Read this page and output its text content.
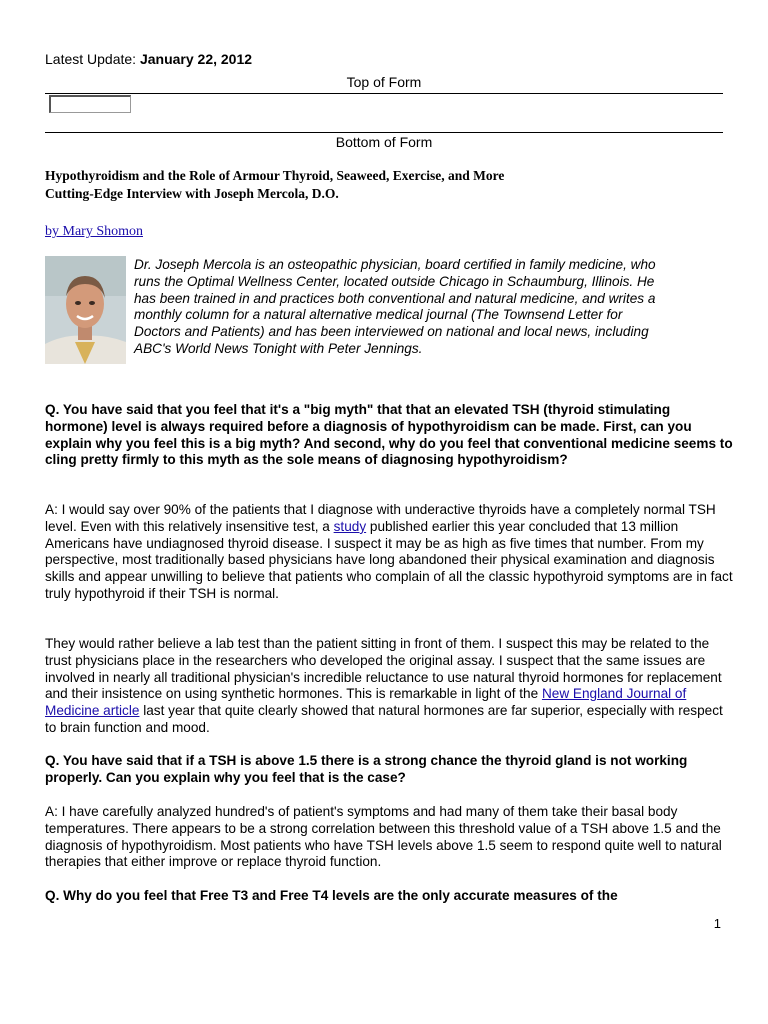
Latest Update: January 22, 2012
Top of Form
Bottom of Form
Hypothyroidism and the Role of Armour Thyroid, Seaweed, Exercise, and More
Cutting-Edge Interview with Joseph Mercola, D.O.
by Mary Shomon
Dr. Joseph Mercola is an osteopathic physician, board certified in family medicine, who runs the Optimal Wellness Center, located outside Chicago in Schaumburg, Illinois. He has been trained in and practices both conventional and natural medicine, and writes a monthly column for a natural alternative medical journal (The Townsend Letter for Doctors and Patients) and has been interviewed on national and local news, including ABC's World News Tonight with Peter Jennings.
Q. You have said that you feel that it's a "big myth" that that an elevated TSH (thyroid stimulating hormone) level is always required before a diagnosis of hypothyroidism can be made. First, can you explain why you feel this is a big myth? And second, why do you feel that conventional medicine seems to cling pretty firmly to this myth as the sole means of diagnosing hypothyroidism?
A: I would say over 90% of the patients that I diagnose with underactive thyroids have a completely normal TSH level. Even with this relatively insensitive test, a study published earlier this year concluded that 13 million Americans have undiagnosed thyroid disease. I suspect it may be as high as five times that number. From my perspective, most traditionally based physicians have long abandoned their physical examination and diagnosis skills and appear unwilling to believe that patients who complain of all the classic hypothyroid symptoms are in fact truly hypothyroid if their TSH is normal.
They would rather believe a lab test than the patient sitting in front of them. I suspect this may be related to the trust physicians place in the researchers who developed the original assay. I suspect that the same issues are involved in nearly all traditional physician's incredible reluctance to use natural thyroid hormones for replacement and their insistence on using synthetic hormones. This is remarkable in light of the New England Journal of Medicine article last year that quite clearly showed that natural hormones are far superior, especially with respect to brain function and mood.
Q. You have said that if a TSH is above 1.5 there is a strong chance the thyroid gland is not working properly. Can you explain why you feel that is the case?
A: I have carefully analyzed hundred's of patient's symptoms and had many of them take their basal body temperatures. There appears to be a strong correlation between this threshold value of a TSH above 1.5 and the diagnosis of hypothyroidism. Most patients who have TSH levels above 1.5 seem to respond quite well to natural therapies that either improve or replace thyroid function.
Q. Why do you feel that Free T3 and Free T4 levels are the only accurate measures of the
1
